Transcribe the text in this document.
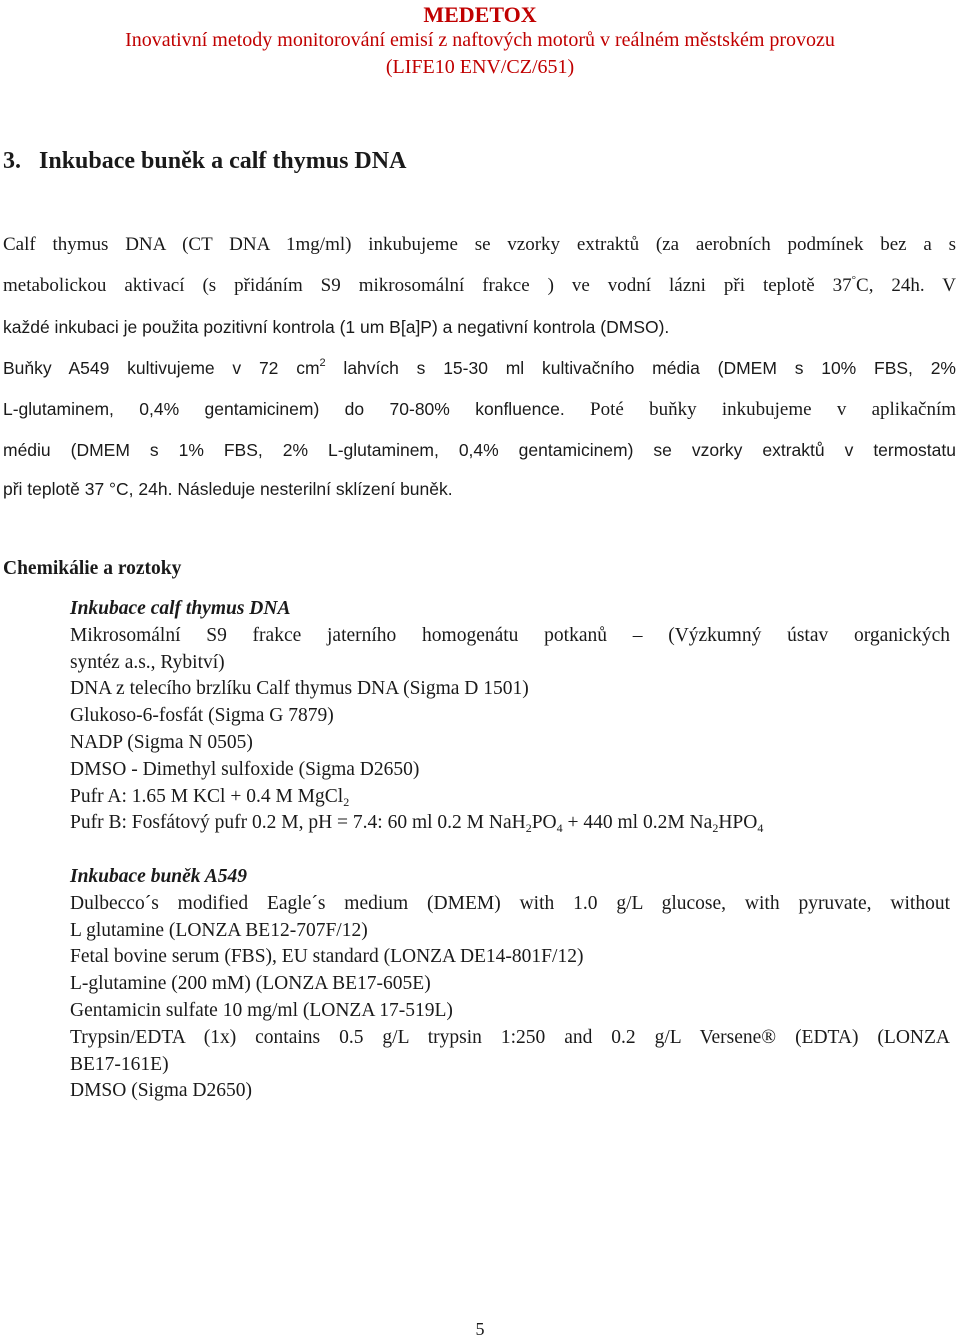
MEDETOX
Inovativní metody monitorování emisí z naftových motorů v reálném městském provozu
(LIFE10 ENV/CZ/651)
3. Inkubace buněk a calf thymus DNA
Calf thymus DNA (CT DNA 1mg/ml) inkubujeme se vzorky extraktů (za aerobních podmínek bez a s
metabolickou aktivací (s přidáním S9 mikrosomální frakce ) ve vodní lázni při teplotě 37°C, 24h. V
každé inkubaci je použita pozitivní kontrola (1 um B[a]P) a negativní kontrola (DMSO).
Buňky A549 kultivujeme v 72 $cm^2$ lahvích s 15-30 ml kultivačního média (DMEM s 10% FBS, 2%
L-glutaminem, 0,4% gentamicinem) do 70-80% konfluence. Poté buňky inkubujeme v aplikačním
médiu (DMEM s 1% FBS, 2% L-glutaminem, 0,4% gentamicinem) se vzorky extraktů v termostatu
při teplotě 37 °C, 24h. Následuje nesterilní sklízení buněk.
Chemikálie a roztoky
Inkubace calf thymus DNA
Mikrosomální S9 frakce jaterního homogenátu potkanů – (Výzkumný ústav organických
syntéz a.s., Rybitví)
DNA z telecího brzlíku Calf thymus DNA (Sigma D 1501)
Glukoso-6-fosfát (Sigma G 7879)
NADP (Sigma N 0505)
DMSO - Dimethyl sulfoxide (Sigma D2650)
Pufr A: 1.65 M KCl + 0.4 M MgCl$_2$
Pufr B: Fosfátový pufr 0.2 M, pH = 7.4: 60 ml 0.2 M $NaH_2PO_4 + 440$ ml 0.2M $Na_2HPO_4$
Inkubace buněk A549
Dulbecco´s modified Eagle´s medium (DMEM) with 1.0 g/L glucose, with pyruvate, without
L glutamine (LONZA BE12-707F/12)
Fetal bovine serum (FBS), EU standard (LONZA DE14-801F/12)
L-glutamine (200 mM) (LONZA BE17-605E)
Gentamicin sulfate 10 mg/ml (LONZA 17-519L)
Trypsin/EDTA (1x) contains 0.5 g/L trypsin 1:250 and 0.2 g/L Versene® (EDTA) (LONZA
BE17-161E)
DMSO (Sigma D2650)
5
